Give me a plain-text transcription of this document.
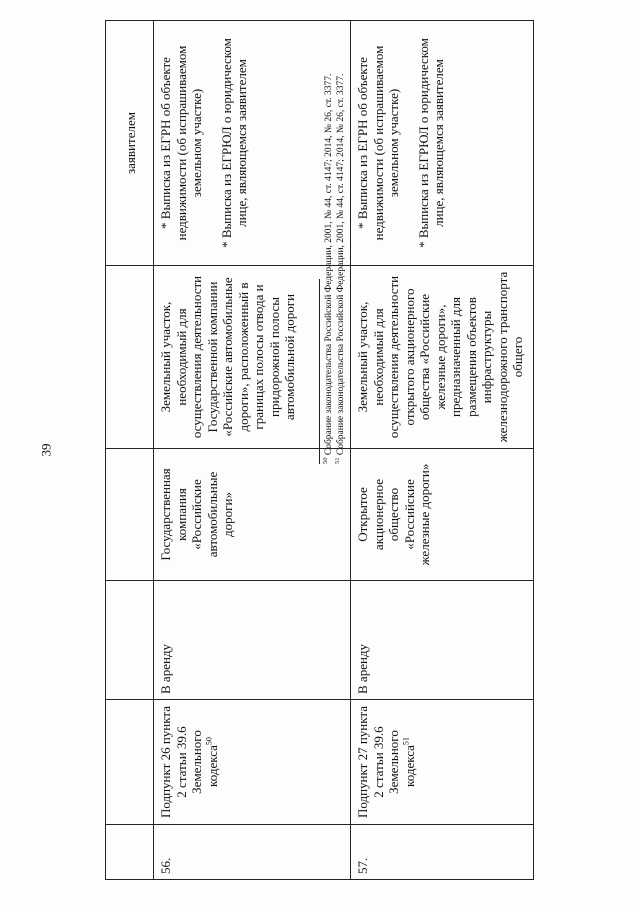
39
					заявителем
56.	Подпункт 26 пункта 2 статьи 39.6 Земельного кодекса$^{50}$	В аренду	Государственная компания «Российские автомобильные дороги»	Земельный участок, необходимый для осуществления деятельности Государственной компании «Российские автомобильные дороги», расположенный в границах полосы отвода и придорожной полосы автомобильной дороги	* Выписка из ЕГРН об объекте недвижимости (об испрашиваемом земельном участке) * Выписка из ЕГРЮЛ о юридическом лице, являющемся заявителем

57.	Подпункт 27 пункта 2 статьи 39.6 Земельного кодекса$^{51}$	В аренду	Открытое акционерное общество «Российские железные дороги»	Земельный участок, необходимый для осуществления деятельности открытого акционерного общества «Российские железные дороги», предназначенный для размещения объектов инфраструктуры железнодорожного транспорта общего	* Выписка из ЕГРН об объекте недвижимости (об испрашиваемом земельном участке) * Выписка из ЕГРЮЛ о юридическом лице, являющемся заявителем
$^{50}$ Собрание законодательства Российской Федерации, 2001, № 44, ст. 4147; 2014, № 26, ст. 3377.
$^{51}$ Собрание законодательства Российской Федерации, 2001, № 44, ст. 4147; 2014, № 26, ст. 3377.
